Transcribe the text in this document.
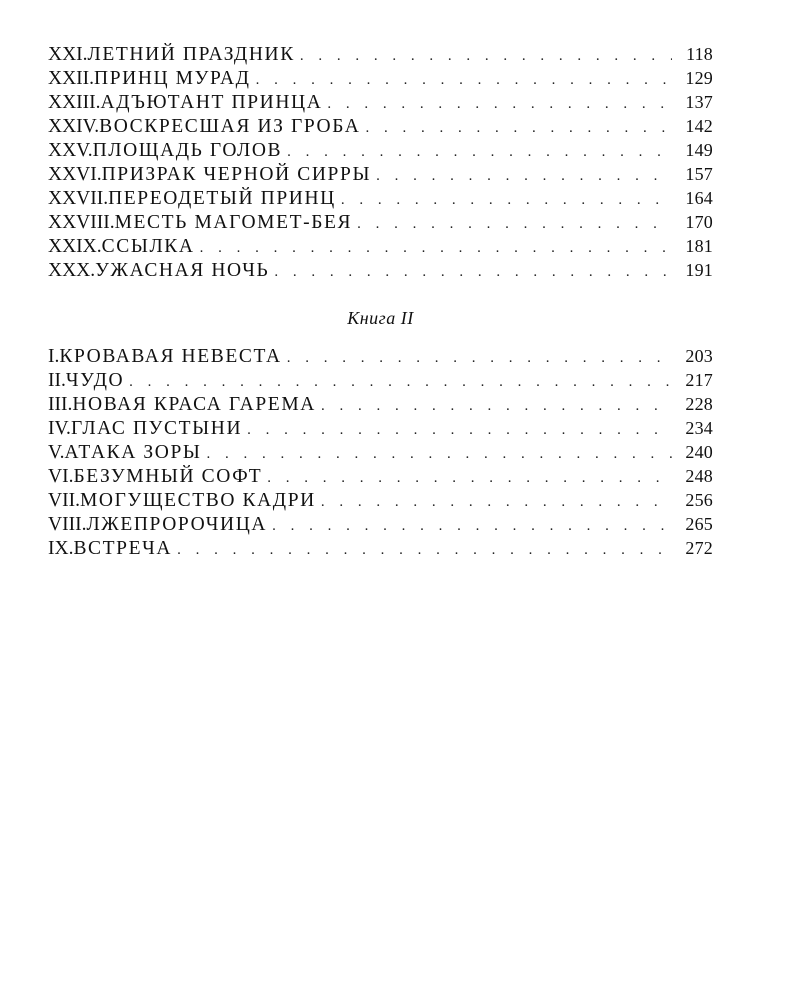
XXI. ЛЕТНИЙ ПРАЗДНИК . . .	118
XXII. ПРИНЦ МУРАД . . .	129
XXIII. АДЪЮТАНТ ПРИНЦА . . .	137
XXIV. ВОСКРЕСШАЯ ИЗ ГРОБА . . .	142
XXV. ПЛОЩАДЬ ГОЛОВ . . .	149
XXVI. ПРИЗРАК ЧЕРНОЙ СИРРЫ . . .	157
XXVII. ПЕРЕОДЕТЫЙ ПРИНЦ . . .	164
XXVIII. МЕСТЬ МАГОМЕТ-БЕЯ . . .	170
XXIX. ССЫЛКА . . .	181
XXX. УЖАСНАЯ НОЧЬ . . .	191
Книга II
I. КРОВАВАЯ НЕВЕСТА . . .	203
II. ЧУДО . . .	217
III. НОВАЯ КРАСА ГАРЕМА . . .	228
IV. ГЛАС ПУСТЫНИ . . .	234
V. АТАКА ЗОРЫ . . .	240
VI. БЕЗУМНЫЙ СОФТ . . .	248
VII. МОГУЩЕСТВО КАДРИ . . .	256
VIII. ЛЖЕПРОРОЧИЦА . . .	265
IX. ВСТРЕЧА . . .	272
